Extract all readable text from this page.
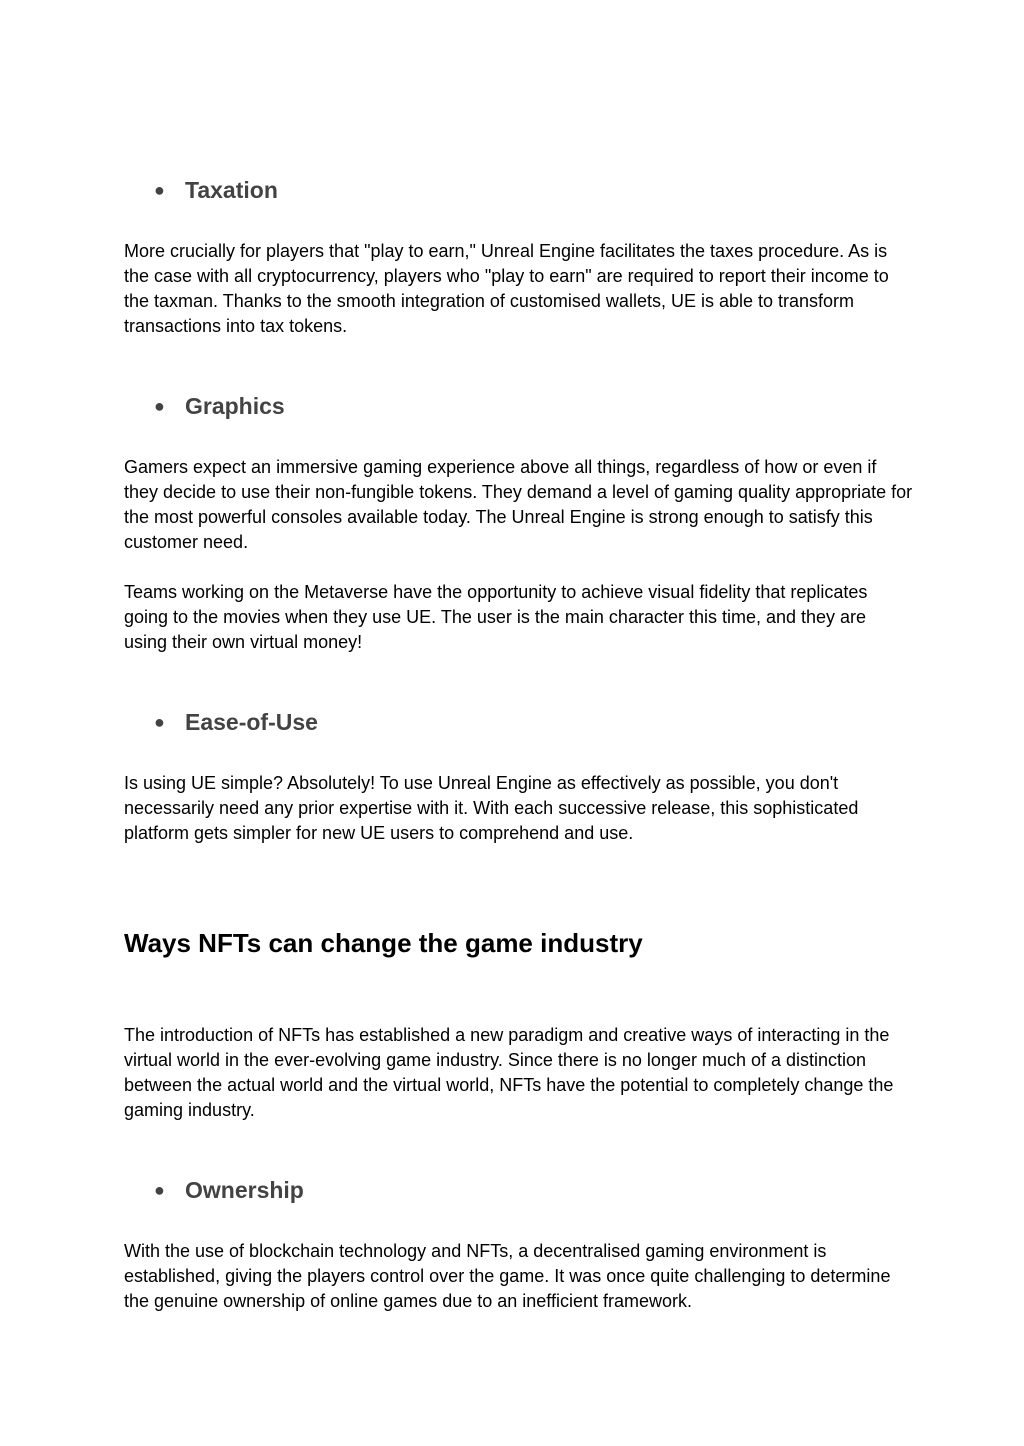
● Taxation

More crucially for players that "play to earn," Unreal Engine facilitates the taxes procedure. As is the case with all cryptocurrency, players who "play to earn" are required to report their income to the taxman. Thanks to the smooth integration of customised wallets, UE is able to transform transactions into tax tokens.

● Graphics

Gamers expect an immersive gaming experience above all things, regardless of how or even if they decide to use their non-fungible tokens. They demand a level of gaming quality appropriate for the most powerful consoles available today. The Unreal Engine is strong enough to satisfy this customer need.

Teams working on the Metaverse have the opportunity to achieve visual fidelity that replicates going to the movies when they use UE. The user is the main character this time, and they are using their own virtual money!

● Ease-of-Use

Is using UE simple? Absolutely! To use Unreal Engine as effectively as possible, you don't necessarily need any prior expertise with it. With each successive release, this sophisticated platform gets simpler for new UE users to comprehend and use.

Ways NFTs can change the game industry

The introduction of NFTs has established a new paradigm and creative ways of interacting in the virtual world in the ever-evolving game industry. Since there is no longer much of a distinction between the actual world and the virtual world, NFTs have the potential to completely change the gaming industry.

● Ownership

With the use of blockchain technology and NFTs, a decentralised gaming environment is established, giving the players control over the game. It was once quite challenging to determine the genuine ownership of online games due to an inefficient framework.
